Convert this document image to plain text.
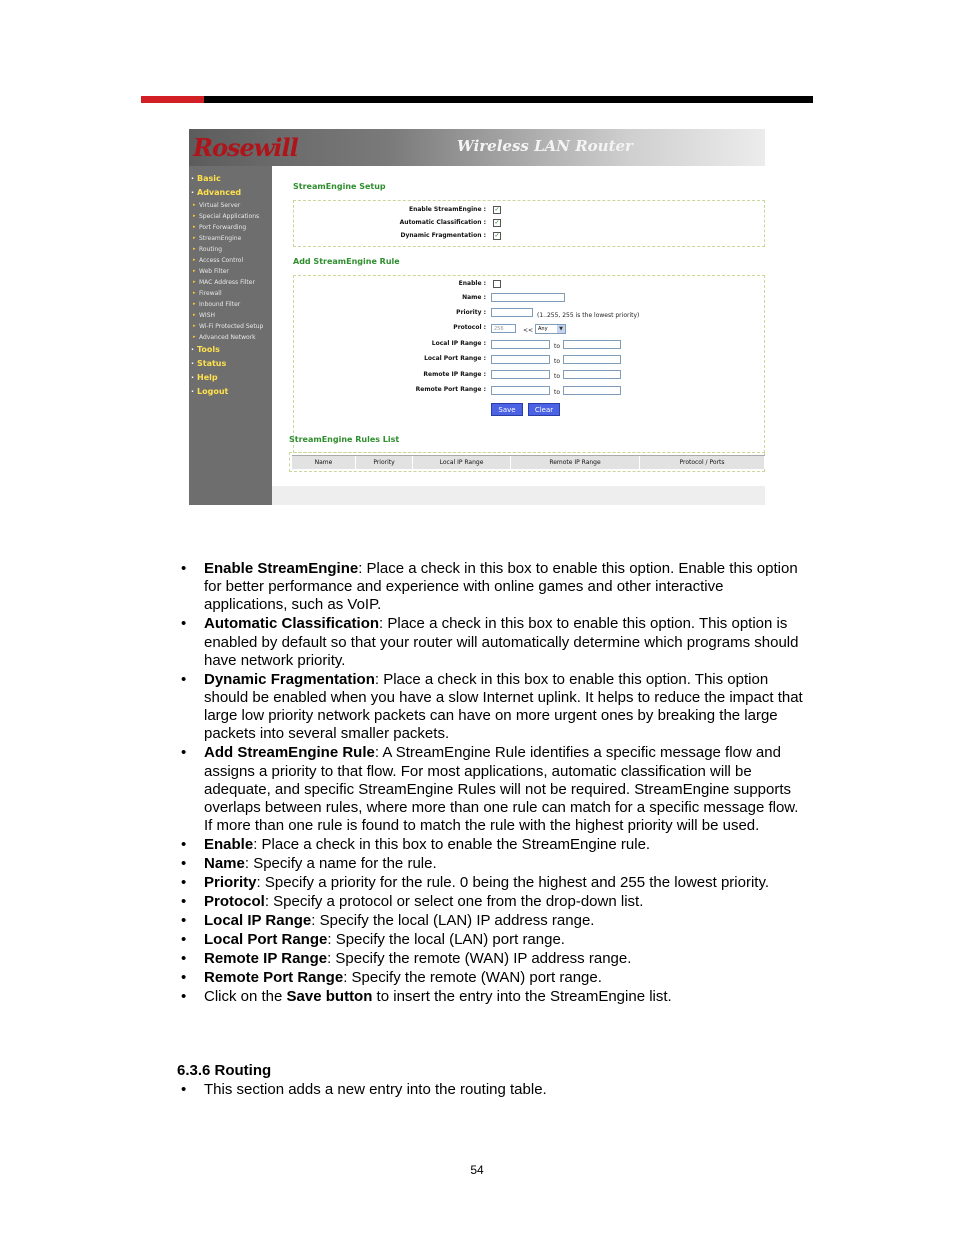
Rosewill	Wireless LAN Router
· Basic
· Advanced
▸ Virtual Server
▸ Special Applications
▸ Port Forwarding
▸ StreamEngine
▸ Routing
▸ Access Control
▸ Web Filter
▸ MAC Address Filter
▸ Firewall
▸ Inbound Filter
▸ WISH
▸ Wi-Fi Protected Setup
▸ Advanced Network
· Tools
· Status
· Help
· Logout
StreamEngine Setup
Enable StreamEngine : ✓
Automatic Classification : ✓
Dynamic Fragmentation : ✓
Add StreamEngine Rule
Enable :
Name :
Priority :	(1..255, 255 is the lowest priority)
Protocol :	256	<< Any	▼
Local IP Range :	to
Local Port Range :	to
Remote IP Range :	to
Remote Port Range :	to
Save	Clear
StreamEngine Rules List
Name	Priority	Local IP Range	Remote IP Range	Protocol / Ports
• Enable StreamEngine: Place a check in this box to enable this option. Enable this option for better performance and experience with online games and other interactive applications, such as VoIP.
• Automatic Classification: Place a check in this box to enable this option. This option is enabled by default so that your router will automatically determine which programs should have network priority.
• Dynamic Fragmentation: Place a check in this box to enable this option. This option should be enabled when you have a slow Internet uplink. It helps to reduce the impact that large low priority network packets can have on more urgent ones by breaking the large packets into several smaller packets.
• Add StreamEngine Rule: A StreamEngine Rule identifies a specific message flow and assigns a priority to that flow. For most applications, automatic classification will be adequate, and specific StreamEngine Rules will not be required. StreamEngine supports overlaps between rules, where more than one rule can match for a specific message flow. If more than one rule is found to match the rule with the highest priority will be used.
• Enable: Place a check in this box to enable the StreamEngine rule.
• Name: Specify a name for the rule.
• Priority: Specify a priority for the rule. 0 being the highest and 255 the lowest priority.
• Protocol: Specify a protocol or select one from the drop-down list.
• Local IP Range: Specify the local (LAN) IP address range.
• Local Port Range: Specify the local (LAN) port range.
• Remote IP Range: Specify the remote (WAN) IP address range.
• Remote Port Range: Specify the remote (WAN) port range.
• Click on the Save button to insert the entry into the StreamEngine list.
6.3.6 Routing
• This section adds a new entry into the routing table.
54
